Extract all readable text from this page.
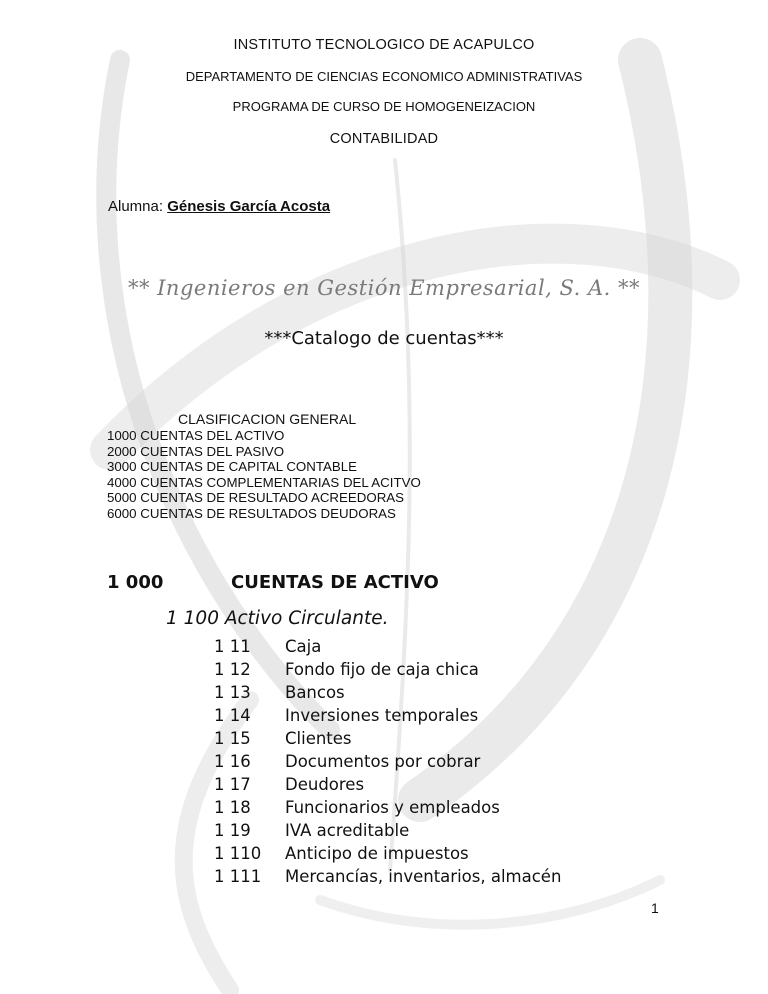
INSTITUTO TECNOLOGICO DE ACAPULCO
DEPARTAMENTO DE CIENCIAS ECONOMICO ADMINISTRATIVAS
PROGRAMA DE CURSO DE HOMOGENEIZACION
CONTABILIDAD
Alumna: Génesis García Acosta
** Ingenieros en Gestión Empresarial, S. A. **
***Catalogo de cuentas***
CLASIFICACION GENERAL
1000 CUENTAS DEL ACTIVO
2000 CUENTAS DEL PASIVO
3000 CUENTAS DE CAPITAL CONTABLE
4000 CUENTAS COMPLEMENTARIAS DEL ACITVO
5000 CUENTAS DE RESULTADO ACREEDORAS
6000 CUENTAS DE RESULTADOS DEUDORAS
1 000	CUENTAS DE ACTIVO
1 100 Activo Circulante.
1 11	Caja
1 12	Fondo fijo de caja chica
1 13	Bancos
1 14	Inversiones temporales
1 15	Clientes
1 16	Documentos por cobrar
1 17	Deudores
1 18	Funcionarios y empleados
1 19	IVA acreditable
1 110	Anticipo de impuestos
1 111	Mercancías, inventarios, almacén
1
